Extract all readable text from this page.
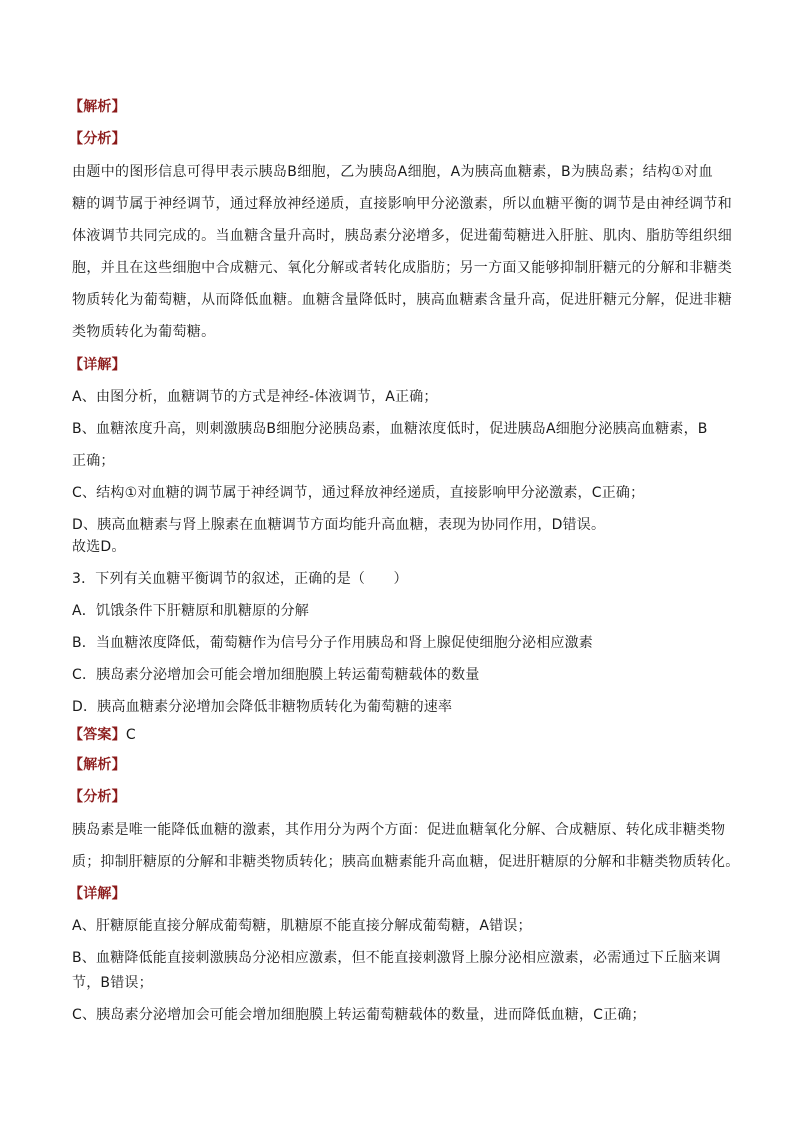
【解析】
【分析】
由题中的图形信息可得甲表示胰岛B细胞，乙为胰岛A细胞，A为胰高血糖素，B为胰岛素；结构①对血
糖的调节属于神经调节，通过释放神经递质，直接影响甲分泌激素，所以血糖平衡的调节是由神经调节和
体液调节共同完成的。当血糖含量升高时，胰岛素分泌增多，促进葡萄糖进入肝脏、肌肉、脂肪等组织细
胞，并且在这些细胞中合成糖元、氧化分解或者转化成脂肪；另一方面又能够抑制肝糖元的分解和非糖类
物质转化为葡萄糖，从而降低血糖。血糖含量降低时，胰高血糖素含量升高，促进肝糖元分解，促进非糖
类物质转化为葡萄糖。
【详解】
A、由图分析，血糖调节的方式是神经-体液调节，A正确；
B、血糖浓度升高，则刺激胰岛B细胞分泌胰岛素，血糖浓度低时，促进胰岛A细胞分泌胰高血糖素，B
正确；
C、结构①对血糖的调节属于神经调节，通过释放神经递质，直接影响甲分泌激素，C正确；
D、胰高血糖素与肾上腺素在血糖调节方面均能升高血糖，表现为协同作用，D错误。
故选D。
3．下列有关血糖平衡调节的叙述，正确的是（　　）
A．饥饿条件下肝糖原和肌糖原的分解
B．当血糖浓度降低，葡萄糖作为信号分子作用胰岛和肾上腺促使细胞分泌相应激素
C．胰岛素分泌增加会可能会增加细胞膜上转运葡萄糖载体的数量
D．胰高血糖素分泌增加会降低非糖物质转化为葡萄糖的速率
【答案】C
【解析】
【分析】
胰岛素是唯一能降低血糖的激素，其作用分为两个方面：促进血糖氧化分解、合成糖原、转化成非糖类物
质；抑制肝糖原的分解和非糖类物质转化；胰高血糖素能升高血糖，促进肝糖原的分解和非糖类物质转化。
【详解】
A、肝糖原能直接分解成葡萄糖，肌糖原不能直接分解成葡萄糖，A错误；
B、血糖降低能直接刺激胰岛分泌相应激素，但不能直接刺激肾上腺分泌相应激素，必需通过下丘脑来调
节，B错误；
C、胰岛素分泌增加会可能会增加细胞膜上转运葡萄糖载体的数量，进而降低血糖，C正确；
